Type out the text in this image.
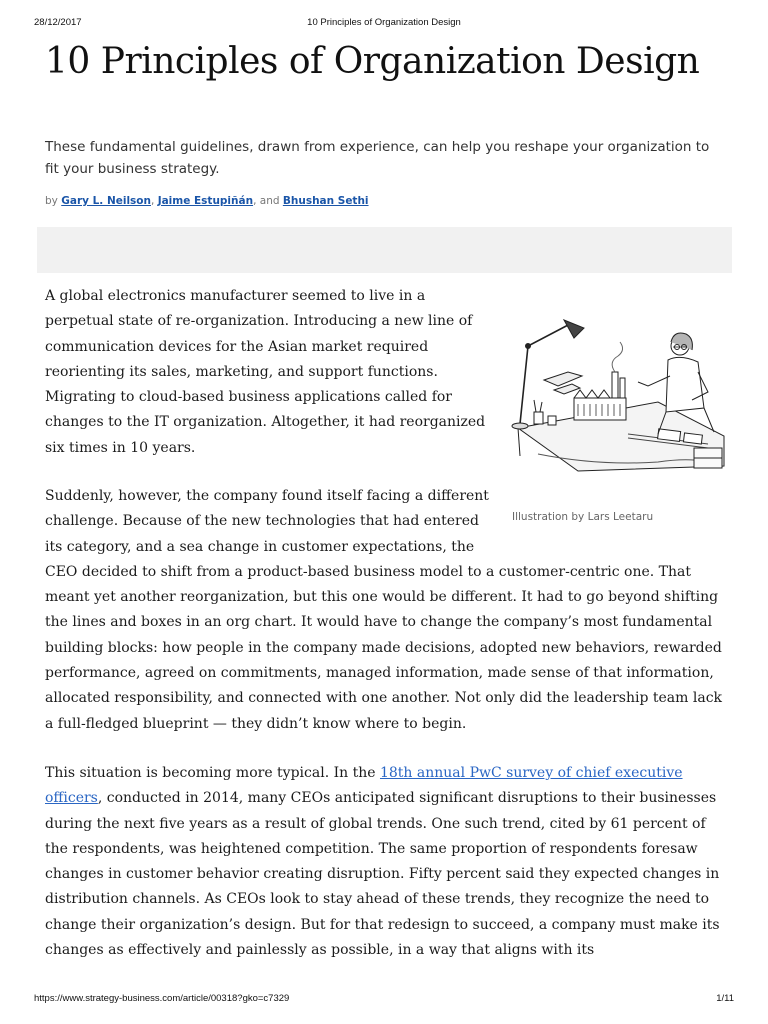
28/12/2017	10 Principles of Organization Design
10 Principles of Organization Design

These fundamental guidelines, drawn from experience, can help you reshape your organization to fit your business strategy.

by Gary L. Neilson, Jaime Estupiñán, and Bhushan Sethi

A global electronics manufacturer seemed to live in a perpetual state of re-organization. Introducing a new line of communication devices for the Asian market required reorienting its sales, marketing, and support functions. Migrating to cloud-based business applications called for changes to the IT organization. Altogether, it had reorganized six times in 10 years.

Illustration by Lars Leetaru

Suddenly, however, the company found itself facing a different challenge. Because of the new technologies that had entered its category, and a sea change in customer expectations, the CEO decided to shift from a product-based business model to a customer-centric one. That meant yet another reorganization, but this one would be different. It had to go beyond shifting the lines and boxes in an org chart. It would have to change the company’s most fundamental building blocks: how people in the company made decisions, adopted new behaviors, rewarded performance, agreed on commitments, managed information, made sense of that information, allocated responsibility, and connected with one another. Not only did the leadership team lack a full-fledged blueprint — they didn’t know where to begin.

This situation is becoming more typical. In the 18th annual PwC survey of chief executive officers, conducted in 2014, many CEOs anticipated significant disruptions to their businesses during the next five years as a result of global trends. One such trend, cited by 61 percent of the respondents, was heightened competition. The same proportion of respondents foresaw changes in customer behavior creating disruption. Fifty percent said they expected changes in distribution channels. As CEOs look to stay ahead of these trends, they recognize the need to change their organization’s design. But for that redesign to succeed, a company must make its changes as effectively and painlessly as possible, in a way that aligns with its

https://www.strategy-business.com/article/00318?gko=c7329	1/11
